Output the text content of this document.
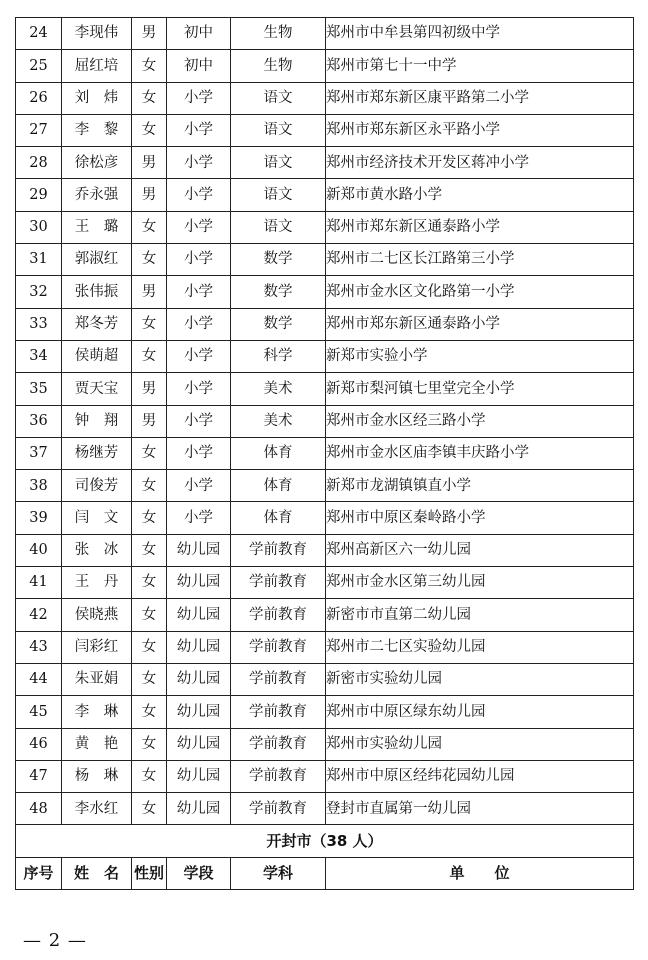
24	李现伟	男	初中	生物	郑州市中牟县第四初级中学
25	屈红培	女	初中	生物	郑州市第七十一中学
26	刘　炜	女	小学	语文	郑州市郑东新区康平路第二小学
27	李　黎	女	小学	语文	郑州市郑东新区永平路小学
28	徐松彦	男	小学	语文	郑州市经济技术开发区蒋冲小学
29	乔永强	男	小学	语文	新郑市黄水路小学
30	王　璐	女	小学	语文	郑州市郑东新区通泰路小学
31	郭淑红	女	小学	数学	郑州市二七区长江路第三小学
32	张伟振	男	小学	数学	郑州市金水区文化路第一小学
33	郑冬芳	女	小学	数学	郑州市郑东新区通泰路小学
34	侯萌超	女	小学	科学	新郑市实验小学
35	贾天宝	男	小学	美术	新郑市梨河镇七里堂完全小学
36	钟　翔	男	小学	美术	郑州市金水区经三路小学
37	杨继芳	女	小学	体育	郑州市金水区庙李镇丰庆路小学
38	司俊芳	女	小学	体育	新郑市龙湖镇镇直小学
39	闫　文	女	小学	体育	郑州市中原区秦岭路小学
40	张　冰	女	幼儿园	学前教育	郑州高新区六一幼儿园
41	王　丹	女	幼儿园	学前教育	郑州市金水区第三幼儿园
42	侯晓燕	女	幼儿园	学前教育	新密市市直第二幼儿园
43	闫彩红	女	幼儿园	学前教育	郑州市二七区实验幼儿园
44	朱亚娟	女	幼儿园	学前教育	新密市实验幼儿园
45	李　琳	女	幼儿园	学前教育	郑州市中原区绿东幼儿园
46	黄　艳	女	幼儿园	学前教育	郑州市实验幼儿园
47	杨　琳	女	幼儿园	学前教育	郑州市中原区经纬花园幼儿园
48	李水红	女	幼儿园	学前教育	登封市直属第一幼儿园
开封市（38 人）					
序号	姓　名	性别	学段	学科	单　　位
— 2 —
